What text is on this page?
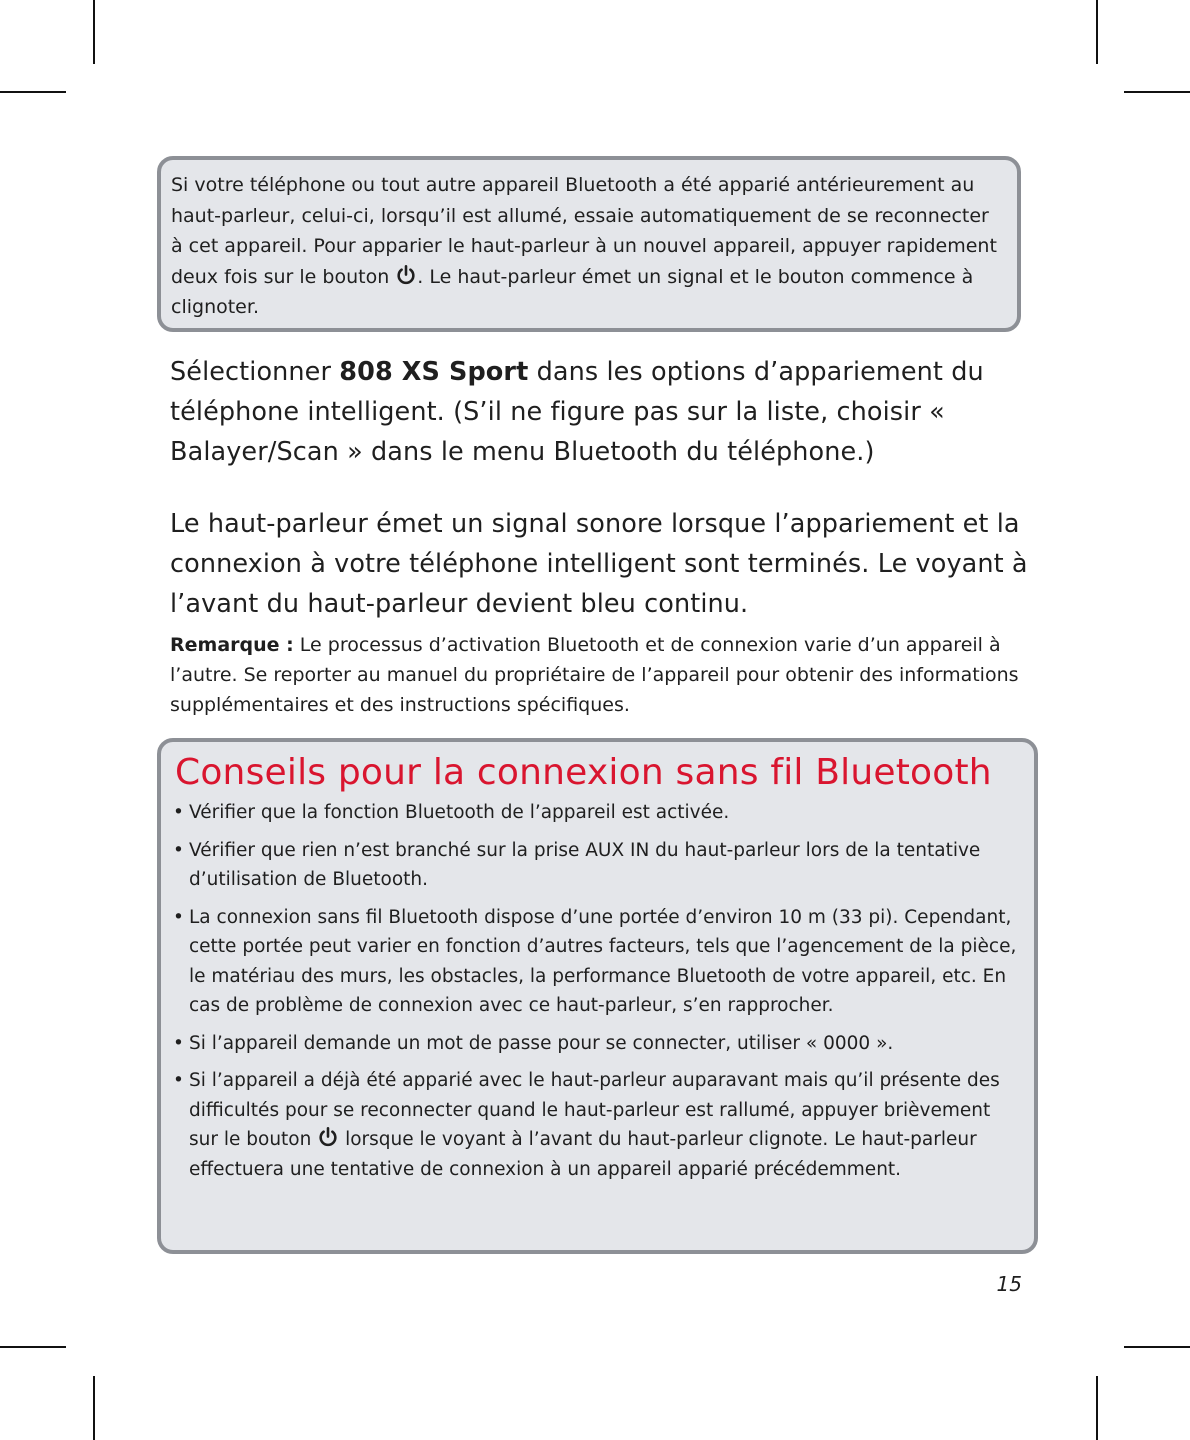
Si votre téléphone ou tout autre appareil Bluetooth a été apparié antérieurement au haut-parleur, celui-ci, lorsqu’il est allumé, essaie automatiquement de se reconnecter à cet appareil. Pour apparier le haut-parleur à un nouvel appareil, appuyer rapidement deux fois sur le bouton
. Le haut-parleur émet un signal et le bouton commence à clignoter.
Sélectionner 808 XS Sport dans les options d’appariement du téléphone intelligent. (S’il ne figure pas sur la liste, choisir « Balayer/Scan » dans le menu Bluetooth du téléphone.)
Le haut-parleur émet un signal sonore lorsque l’appariement et la connexion à votre téléphone intelligent sont terminés. Le voyant à l’avant du haut-parleur devient bleu continu.
Remarque : Le processus d’activation Bluetooth et de connexion varie d’un appareil à l’autre. Se reporter au manuel du propriétaire de l’appareil pour obtenir des informations supplémentaires et des instructions spécifiques.
Conseils pour la connexion sans fil Bluetooth
• Vérifier que la fonction Bluetooth de l’appareil est activée.
• Vérifier que rien n’est branché sur la prise AUX IN du haut-parleur lors de la tentative d’utilisation de Bluetooth.
• La connexion sans fil Bluetooth dispose d’une portée d’environ 10 m (33 pi). Cependant, cette portée peut varier en fonction d’autres facteurs, tels que l’agencement de la pièce, le matériau des murs, les obstacles, la performance Bluetooth de votre appareil, etc. En cas de problème de connexion avec ce haut-parleur, s’en rapprocher.
• Si l’appareil demande un mot de passe pour se connecter, utiliser « 0000 ».
• Si l’appareil a déjà été apparié avec le haut-parleur auparavant mais qu’il présente des difficultés pour se reconnecter quand le haut-parleur est rallumé, appuyer brièvement sur le bouton
lorsque le voyant à l’avant du haut-parleur clignote. Le haut-parleur effectuera une tentative de connexion à un appareil apparié précédemment.
15
